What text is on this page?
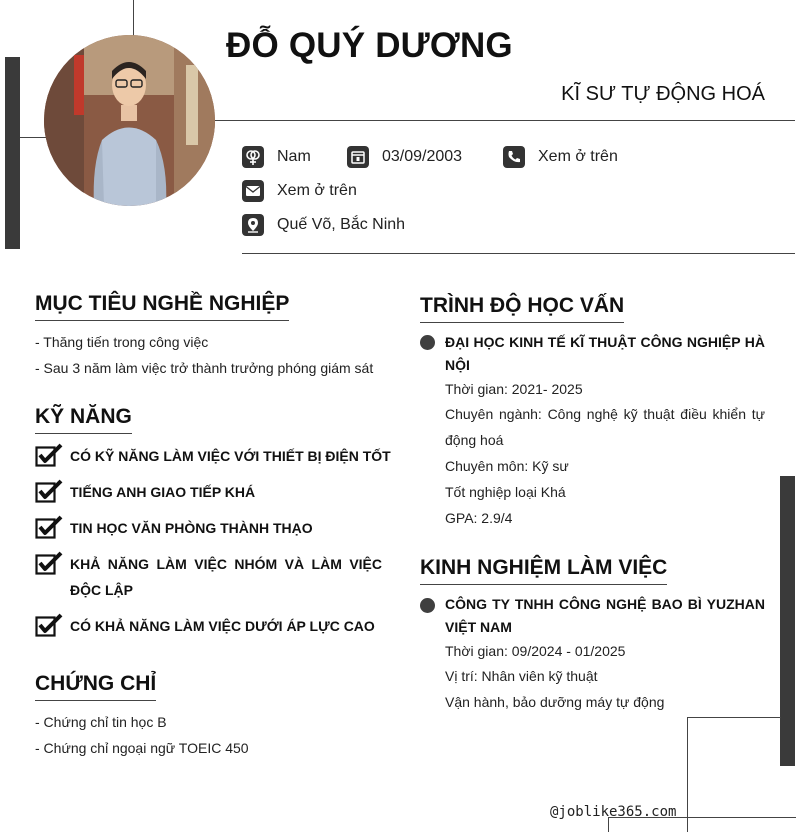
ĐỖ QUÝ DƯƠNG
KĨ SƯ TỰ ĐỘNG HOÁ
Nam	03/09/2003	Xem ở trên
Xem ở trên
Quế Võ, Bắc Ninh
MỤC TIÊU NGHỀ NGHIỆP
- Thăng tiến trong công việc
- Sau 3 năm làm việc trở thành trưởng phóng giám sát
KỸ NĂNG
CÓ KỸ NĂNG LÀM VIỆC VỚI THIẾT BỊ ĐIỆN TỐT
TIẾNG ANH GIAO TIẾP KHÁ
TIN HỌC VĂN PHÒNG THÀNH THẠO
KHẢ NĂNG LÀM VIỆC NHÓM VÀ LÀM VIỆC ĐỘC LẬP
CÓ KHẢ NĂNG LÀM VIỆC DƯỚI ÁP LỰC CAO
CHỨNG CHỈ
- Chứng chỉ tin học B
- Chứng chỉ ngoại ngữ TOEIC 450
TRÌNH ĐỘ HỌC VẤN
ĐẠI HỌC KINH TẾ KĨ THUẬT CÔNG NGHIỆP HÀ NỘI
Thời gian: 2021- 2025
Chuyên ngành: Công nghệ kỹ thuật điều khiển tự động hoá
Chuyên môn: Kỹ sư
Tốt nghiệp loại Khá
GPA: 2.9/4
KINH NGHIỆM LÀM VIỆC
CÔNG TY TNHH CÔNG NGHỆ BAO BÌ YUZHAN VIỆT NAM
Thời gian: 09/2024 - 01/2025
Vị trí: Nhân viên kỹ thuật
Vận hành, bảo dưỡng máy tự động
@joblike365.com
